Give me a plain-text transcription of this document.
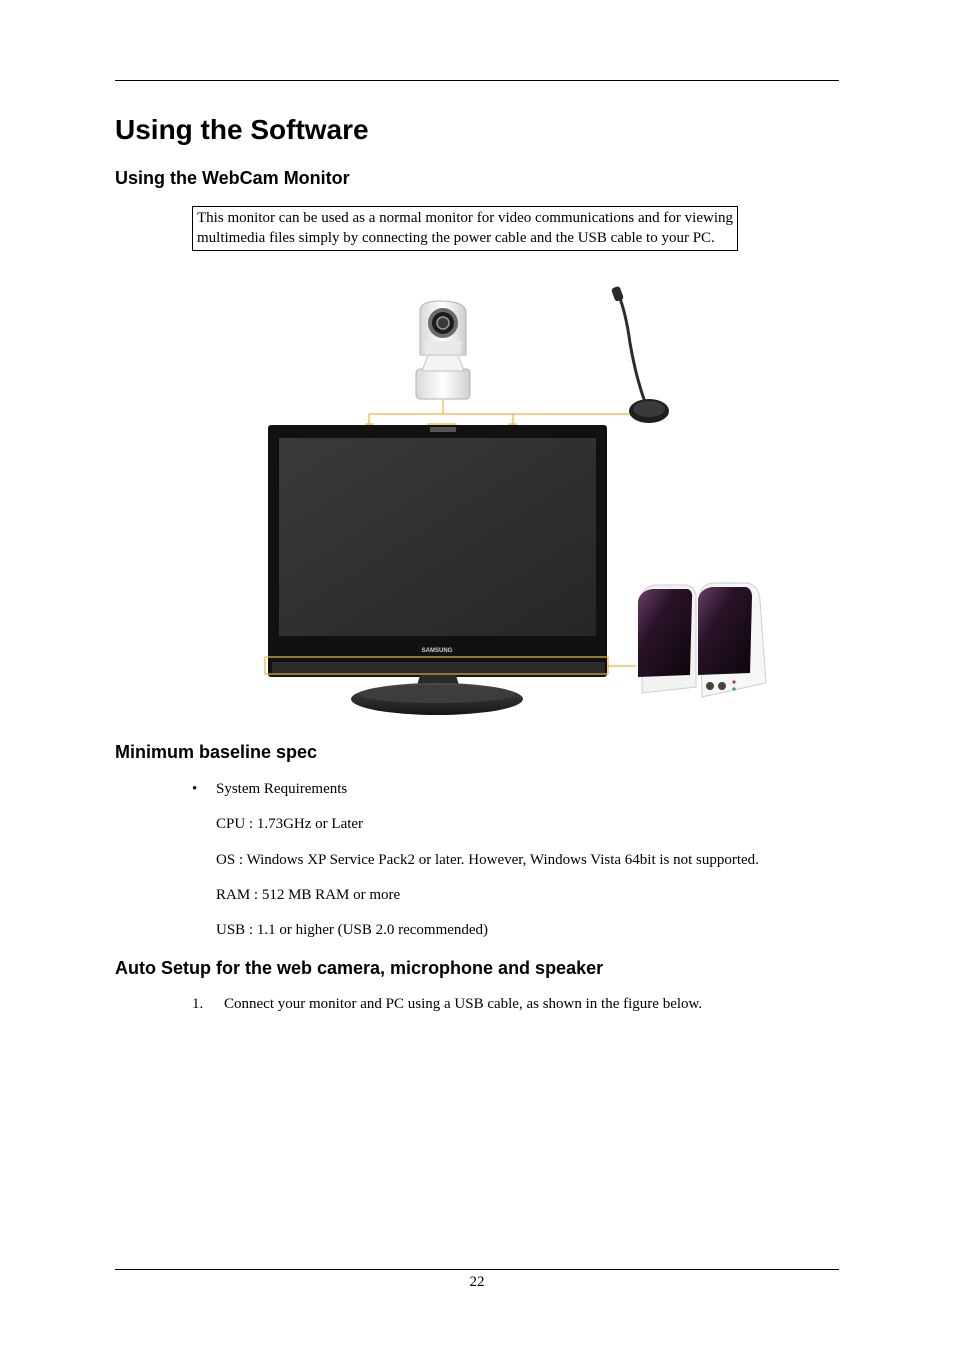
Using the Software
Using the WebCam Monitor
This monitor can be used as a normal monitor for video communications and for viewing multimedia files simply by connecting the power cable and the USB cable to your PC.
SAMSUNG
Minimum baseline spec
• System Requirements
CPU : 1.73GHz or Later
OS : Windows XP Service Pack2 or later. However, Windows Vista 64bit is not supported.
RAM : 512 MB RAM or more
USB : 1.1 or higher (USB 2.0 recommended)
Auto Setup for the web camera, microphone and speaker
1. Connect your monitor and PC using a USB cable, as shown in the figure below.
22
